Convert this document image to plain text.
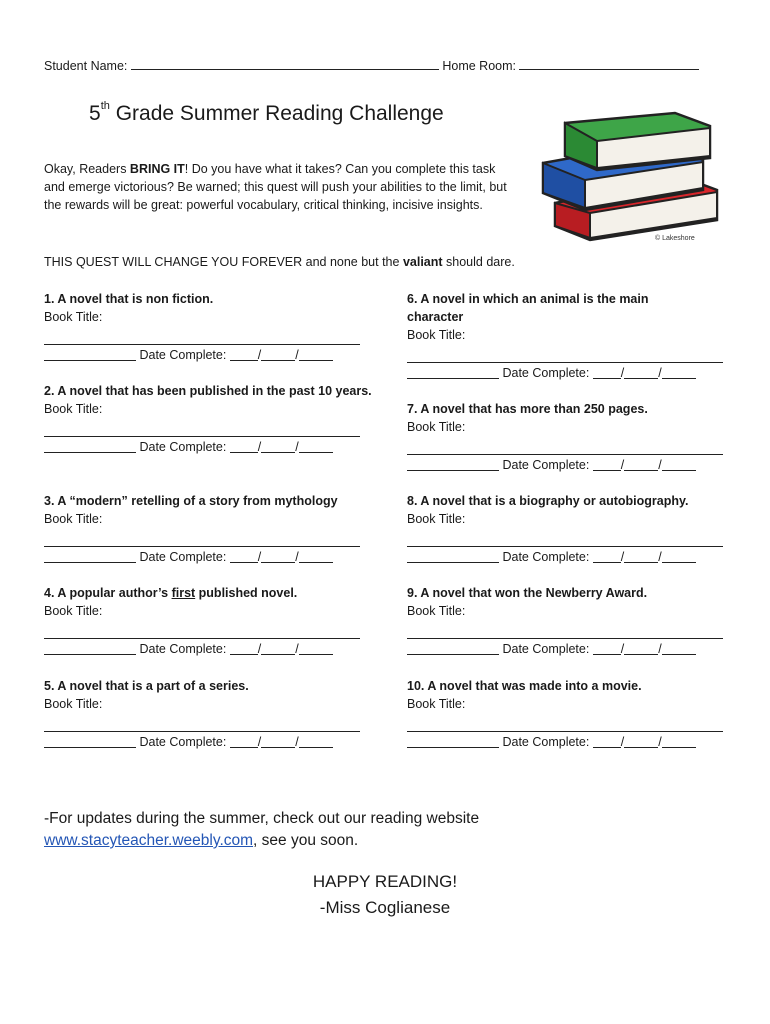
Student Name:	Home Room:
5th Grade Summer Reading Challenge
Okay, Readers BRING IT! Do you have what it takes? Can you complete this task and emerge victorious? Be warned; this quest will push your abilities to the limit, but the rewards will be great: powerful vocabulary, critical thinking, incisive insights.
THIS QUEST WILL CHANGE YOU FOREVER and none but the valiant should dare.
© Lakeshore
1. A novel that is non fiction.
Book Title:
Date Complete: /	/
2. A novel that has been published in the past 10 years.
Book Title:
Date Complete: /	/
3. A “modern” retelling of a story from mythology
Book Title:
Date Complete: /	/
4. A popular author’s first published novel.
Book Title:
Date Complete: /	/
5. A novel that is a part of a series.
Book Title:
Date Complete: /	/
6. A novel in which an animal is the main character
Book Title:
Date Complete: /	/
7. A novel that has more than 250 pages.
Book Title:
Date Complete: /	/
8. A novel that is a biography or autobiography.
Book Title:
Date Complete: /	/
9. A novel that won the Newberry Award.
Book Title:
Date Complete: /	/
10. A novel that was made into a movie.
Book Title:
Date Complete: /	/
-For updates during the summer, check out our reading website
www.stacyteacher.weebly.com, see you soon.
HAPPY READING!
-Miss Coglianese
